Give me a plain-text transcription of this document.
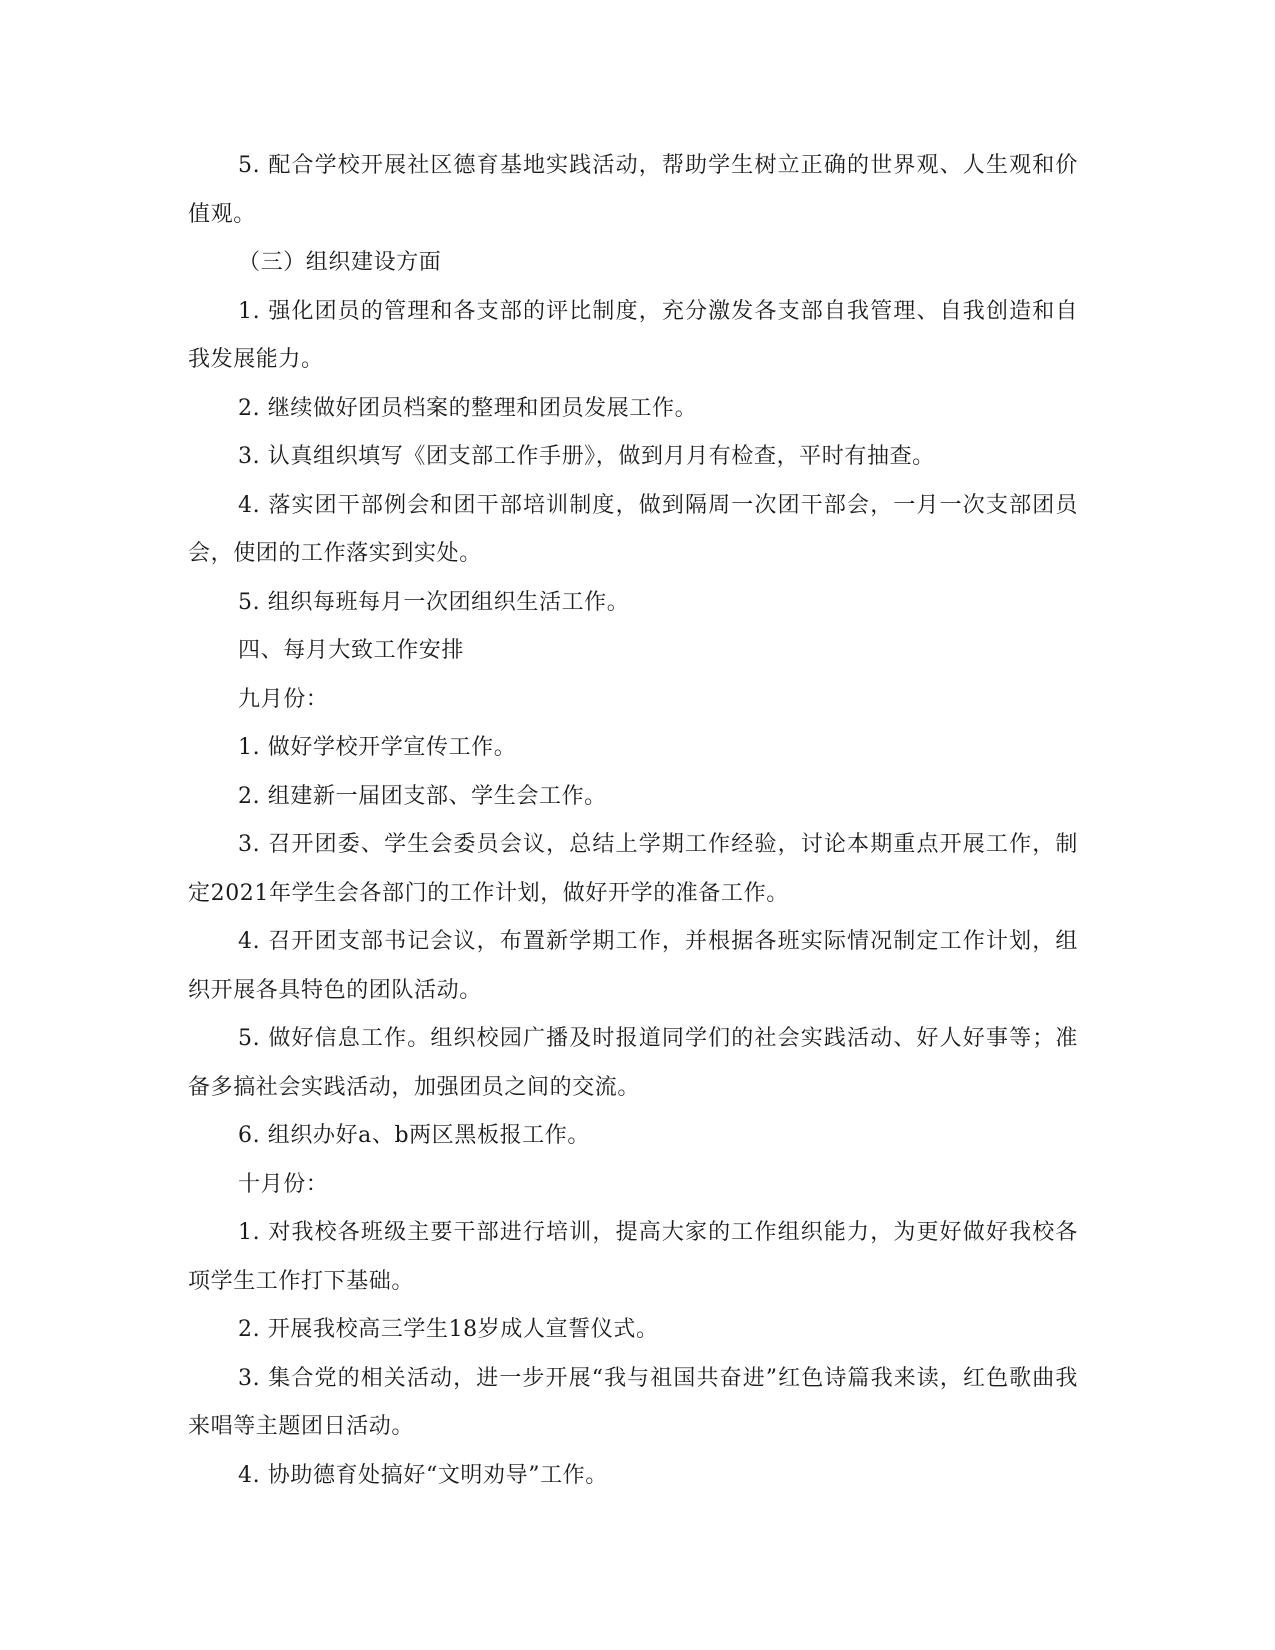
5. 配合学校开展社区德育基地实践活动，帮助学生树立正确的世界观、人生观和价值观。

（三）组织建设方面

1. 强化团员的管理和各支部的评比制度，充分激发各支部自我管理、自我创造和自我发展能力。

2. 继续做好团员档案的整理和团员发展工作。

3. 认真组织填写《团支部工作手册》，做到月月有检查，平时有抽查。

4. 落实团干部例会和团干部培训制度，做到隔周一次团干部会，一月一次支部团员会，使团的工作落实到实处。

5. 组织每班每月一次团组织生活工作。

四、每月大致工作安排

九月份：

1. 做好学校开学宣传工作。

2. 组建新一届团支部、学生会工作。

3. 召开团委、学生会委员会议，总结上学期工作经验，讨论本期重点开展工作，制定2021年学生会各部门的工作计划，做好开学的准备工作。

4. 召开团支部书记会议，布置新学期工作，并根据各班实际情况制定工作计划，组织开展各具特色的团队活动。

5. 做好信息工作。组织校园广播及时报道同学们的社会实践活动、好人好事等；准备多搞社会实践活动，加强团员之间的交流。

6. 组织办好a、b两区黑板报工作。

十月份：

1. 对我校各班级主要干部进行培训，提高大家的工作组织能力，为更好做好我校各项学生工作打下基础。

2. 开展我校高三学生18岁成人宣誓仪式。

3. 集合党的相关活动，进一步开展“我与祖国共奋进”红色诗篇我来读，红色歌曲我来唱等主题团日活动。

4. 协助德育处搞好“文明劝导”工作。
